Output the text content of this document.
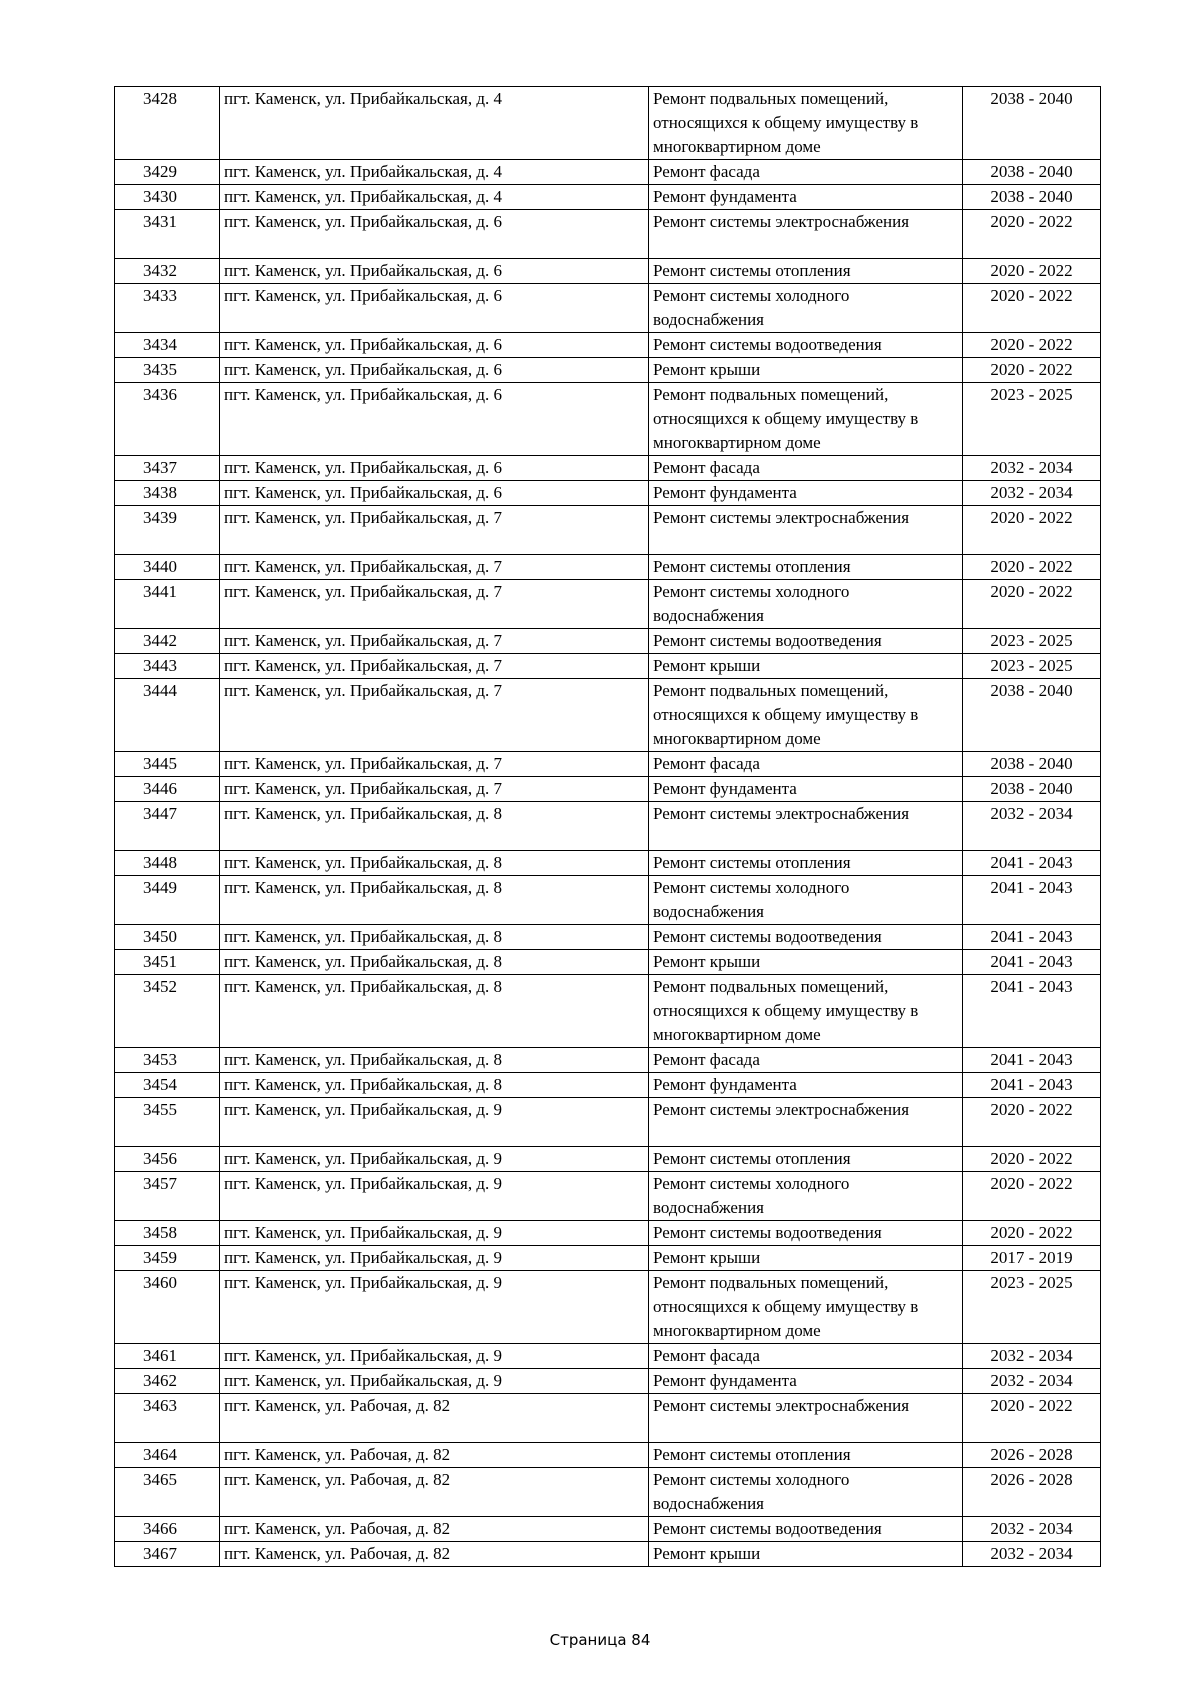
3428	пгт. Каменск, ул. Прибайкальская, д. 4	Ремонт подвальных помещений, относящихся к общему имуществу в многоквартирном доме	2038 - 2040
3429	пгт. Каменск, ул. Прибайкальская, д. 4	Ремонт фасада	2038 - 2040
3430	пгт. Каменск, ул. Прибайкальская, д. 4	Ремонт фундамента	2038 - 2040
3431	пгт. Каменск, ул. Прибайкальская, д. 6	Ремонт системы электроснабжения	2020 - 2022
3432	пгт. Каменск, ул. Прибайкальская, д. 6	Ремонт системы отопления	2020 - 2022
3433	пгт. Каменск, ул. Прибайкальская, д. 6	Ремонт системы холодного водоснабжения	2020 - 2022
3434	пгт. Каменск, ул. Прибайкальская, д. 6	Ремонт системы водоотведения	2020 - 2022
3435	пгт. Каменск, ул. Прибайкальская, д. 6	Ремонт крыши	2020 - 2022
3436	пгт. Каменск, ул. Прибайкальская, д. 6	Ремонт подвальных помещений, относящихся к общему имуществу в многоквартирном доме	2023 - 2025
3437	пгт. Каменск, ул. Прибайкальская, д. 6	Ремонт фасада	2032 - 2034
3438	пгт. Каменск, ул. Прибайкальская, д. 6	Ремонт фундамента	2032 - 2034
3439	пгт. Каменск, ул. Прибайкальская, д. 7	Ремонт системы электроснабжения	2020 - 2022
3440	пгт. Каменск, ул. Прибайкальская, д. 7	Ремонт системы отопления	2020 - 2022
3441	пгт. Каменск, ул. Прибайкальская, д. 7	Ремонт системы холодного водоснабжения	2020 - 2022
3442	пгт. Каменск, ул. Прибайкальская, д. 7	Ремонт системы водоотведения	2023 - 2025
3443	пгт. Каменск, ул. Прибайкальская, д. 7	Ремонт крыши	2023 - 2025
3444	пгт. Каменск, ул. Прибайкальская, д. 7	Ремонт подвальных помещений, относящихся к общему имуществу в многоквартирном доме	2038 - 2040
3445	пгт. Каменск, ул. Прибайкальская, д. 7	Ремонт фасада	2038 - 2040
3446	пгт. Каменск, ул. Прибайкальская, д. 7	Ремонт фундамента	2038 - 2040
3447	пгт. Каменск, ул. Прибайкальская, д. 8	Ремонт системы электроснабжения	2032 - 2034
3448	пгт. Каменск, ул. Прибайкальская, д. 8	Ремонт системы отопления	2041 - 2043
3449	пгт. Каменск, ул. Прибайкальская, д. 8	Ремонт системы холодного водоснабжения	2041 - 2043
3450	пгт. Каменск, ул. Прибайкальская, д. 8	Ремонт системы водоотведения	2041 - 2043
3451	пгт. Каменск, ул. Прибайкальская, д. 8	Ремонт крыши	2041 - 2043
3452	пгт. Каменск, ул. Прибайкальская, д. 8	Ремонт подвальных помещений, относящихся к общему имуществу в многоквартирном доме	2041 - 2043
3453	пгт. Каменск, ул. Прибайкальская, д. 8	Ремонт фасада	2041 - 2043
3454	пгт. Каменск, ул. Прибайкальская, д. 8	Ремонт фундамента	2041 - 2043
3455	пгт. Каменск, ул. Прибайкальская, д. 9	Ремонт системы электроснабжения	2020 - 2022
3456	пгт. Каменск, ул. Прибайкальская, д. 9	Ремонт системы отопления	2020 - 2022
3457	пгт. Каменск, ул. Прибайкальская, д. 9	Ремонт системы холодного водоснабжения	2020 - 2022
3458	пгт. Каменск, ул. Прибайкальская, д. 9	Ремонт системы водоотведения	2020 - 2022
3459	пгт. Каменск, ул. Прибайкальская, д. 9	Ремонт крыши	2017 - 2019
3460	пгт. Каменск, ул. Прибайкальская, д. 9	Ремонт подвальных помещений, относящихся к общему имуществу в многоквартирном доме	2023 - 2025
3461	пгт. Каменск, ул. Прибайкальская, д. 9	Ремонт фасада	2032 - 2034
3462	пгт. Каменск, ул. Прибайкальская, д. 9	Ремонт фундамента	2032 - 2034
3463	пгт. Каменск, ул. Рабочая, д. 82	Ремонт системы электроснабжения	2020 - 2022
3464	пгт. Каменск, ул. Рабочая, д. 82	Ремонт системы отопления	2026 - 2028
3465	пгт. Каменск, ул. Рабочая, д. 82	Ремонт системы холодного водоснабжения	2026 - 2028
3466	пгт. Каменск, ул. Рабочая, д. 82	Ремонт системы водоотведения	2032 - 2034
3467	пгт. Каменск, ул. Рабочая, д. 82	Ремонт крыши	2032 - 2034
Страница 84
